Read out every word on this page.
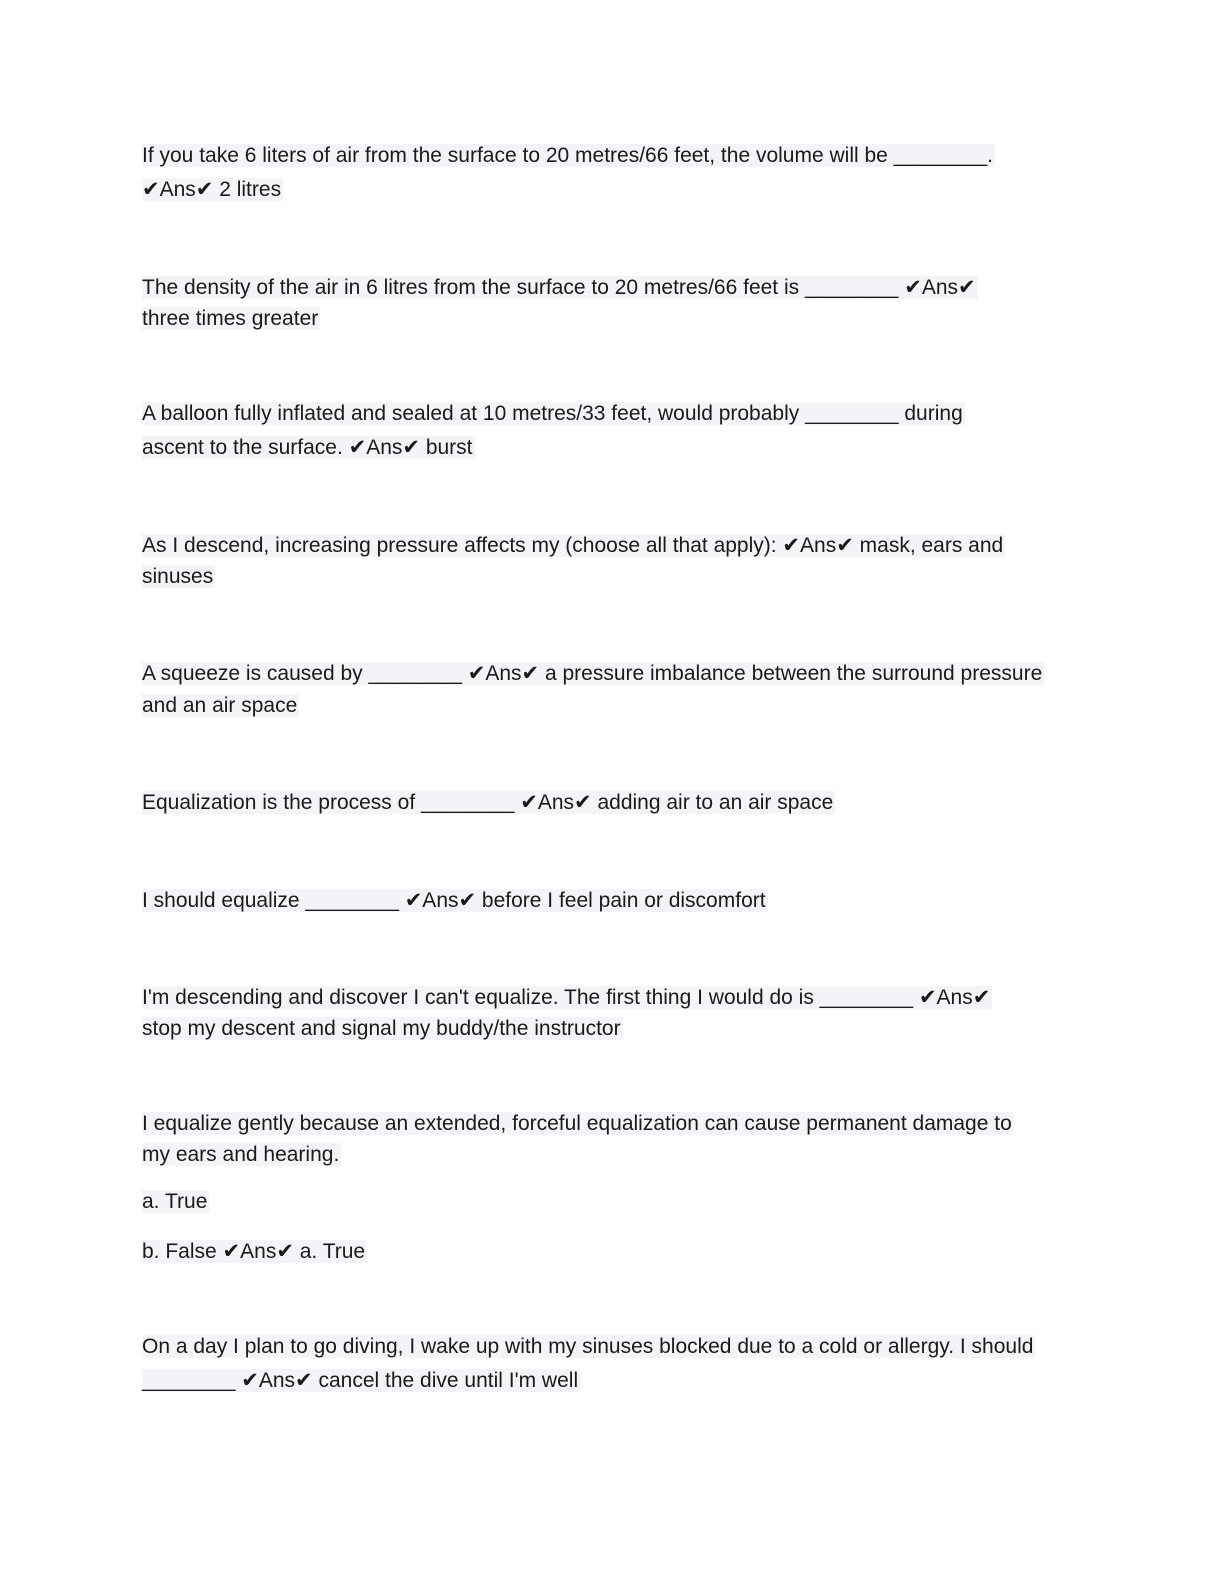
If you take 6 liters of air from the surface to 20 metres/66 feet, the volume will be ________.
✔Ans✔ 2 litres
The density of the air in 6 litres from the surface to 20 metres/66 feet is ________ ✔Ans✔
three times greater
A balloon fully inflated and sealed at 10 metres/33 feet, would probably ________ during
ascent to the surface. ✔Ans✔ burst
As I descend, increasing pressure affects my (choose all that apply): ✔Ans✔ mask, ears and
sinuses
A squeeze is caused by ________ ✔Ans✔ a pressure imbalance between the surround pressure
and an air space
Equalization is the process of ________ ✔Ans✔ adding air to an air space
I should equalize ________ ✔Ans✔ before I feel pain or discomfort
I'm descending and discover I can't equalize. The first thing I would do is ________ ✔Ans✔
stop my descent and signal my buddy/the instructor
I equalize gently because an extended, forceful equalization can cause permanent damage to
my ears and hearing.
a. True
b. False ✔Ans✔ a. True
On a day I plan to go diving, I wake up with my sinuses blocked due to a cold or allergy. I should
________ ✔Ans✔ cancel the dive until I'm well
